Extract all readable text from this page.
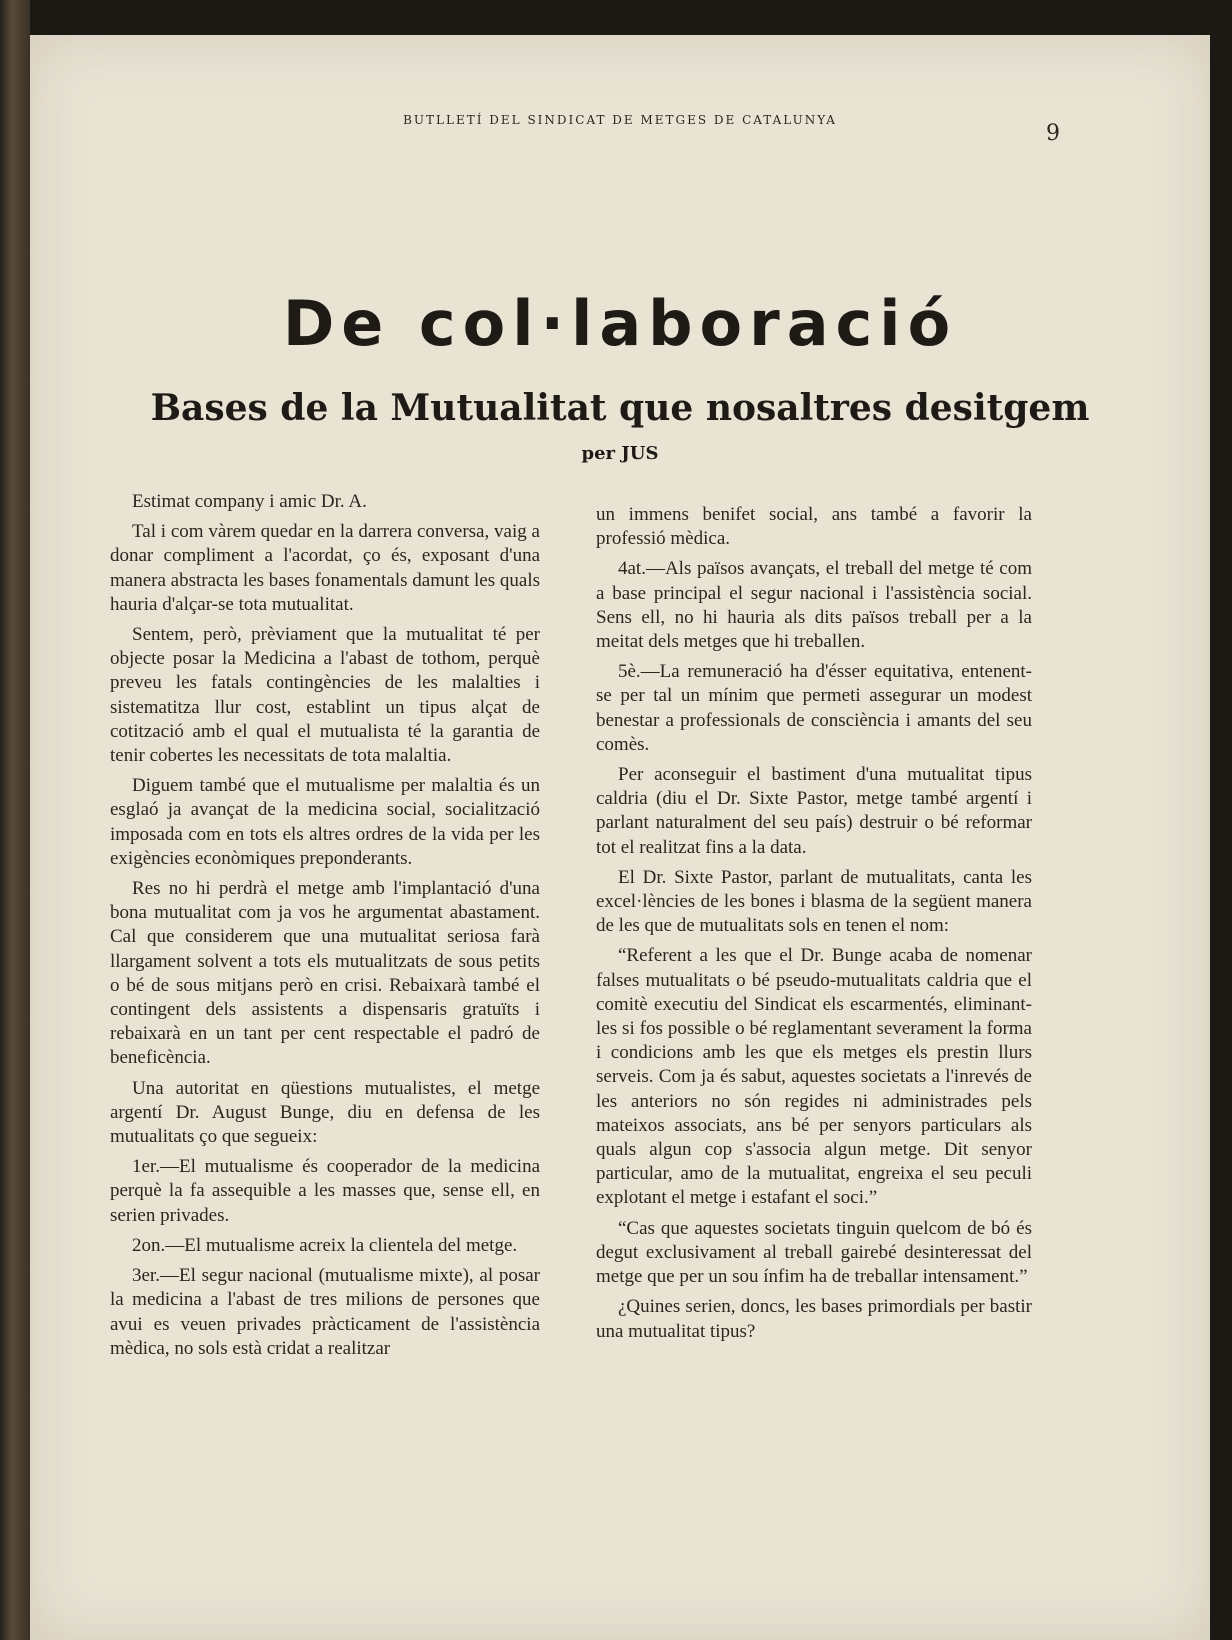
BUTLLETÍ DEL SINDICAT DE METGES DE CATALUNYA
9
De col·laboració
Bases de la Mutualitat que nosaltres desitgem
per JUS

Estimat company i amic Dr. A.

Tal i com vàrem quedar en la darrera conversa, vaig a donar compliment a l'acordat, ço és, exposant d'una manera abstracta les bases fonamentals damunt les quals hauria d'alçar-se tota mutualitat.

Sentem, però, prèviament que la mutualitat té per objecte posar la Medicina a l'abast de tothom, perquè preveu les fatals contingències de les malalties i sistematitza llur cost, establint un tipus alçat de cotització amb el qual el mutualista té la garantia de tenir cobertes les necessitats de tota malaltia.

Diguem també que el mutualisme per malaltia és un esglaó ja avançat de la medicina social, socialització imposada com en tots els altres ordres de la vida per les exigències econòmiques preponderants.

Res no hi perdrà el metge amb l'implantació d'una bona mutualitat com ja vos he argumentat abastament. Cal que considerem que una mutualitat seriosa farà llargament solvent a tots els mutualitzats de sous petits o bé de sous mitjans però en crisi. Rebaixarà també el contingent dels assistents a dispensaris gratuïts i rebaixarà en un tant per cent respectable el padró de beneficència.

Una autoritat en qüestions mutualistes, el metge argentí Dr. August Bunge, diu en defensa de les mutualitats ço que segueix:

1er.—El mutualisme és cooperador de la medicina perquè la fa assequible a les masses que, sense ell, en serien privades.

2on.—El mutualisme acreix la clientela del metge.

3er.—El segur nacional (mutualisme mixte), al posar la medicina a l'abast de tres milions de persones que avui es veuen privades pràcticament de l'assistència mèdica, no sols està cridat a realitzar

un immens benifet social, ans també a favorir la professió mèdica.

4at.—Als països avançats, el treball del metge té com a base principal el segur nacional i l'assistència social. Sens ell, no hi hauria als dits països treball per a la meitat dels metges que hi treballen.

5è.—La remuneració ha d'ésser equitativa, entenent-se per tal un mínim que permeti assegurar un modest benestar a professionals de consciència i amants del seu comès.

Per aconseguir el bastiment d'una mutualitat tipus caldria (diu el Dr. Sixte Pastor, metge també argentí i parlant naturalment del seu país) destruir o bé reformar tot el realitzat fins a la data.

El Dr. Sixte Pastor, parlant de mutualitats, canta les excel·lències de les bones i blasma de la següent manera de les que de mutualitats sols en tenen el nom:

“Referent a les que el Dr. Bunge acaba de nomenar falses mutualitats o bé pseudo-mutualitats caldria que el comitè executiu del Sindicat els escarmentés, eliminant-les si fos possible o bé reglamentant severament la forma i condicions amb les que els metges els prestin llurs serveis. Com ja és sabut, aquestes societats a l'inrevés de les anteriors no són regides ni administrades pels mateixos associats, ans bé per senyors particulars als quals algun cop s'associa algun metge. Dit senyor particular, amo de la mutualitat, engreixa el seu peculi explotant el metge i estafant el soci.”

“Cas que aquestes societats tinguin quelcom de bó és degut exclusivament al treball gairebé desinteressat del metge que per un sou ínfim ha de treballar intensament.”

¿Quines serien, doncs, les bases primordials per bastir una mutualitat tipus?
